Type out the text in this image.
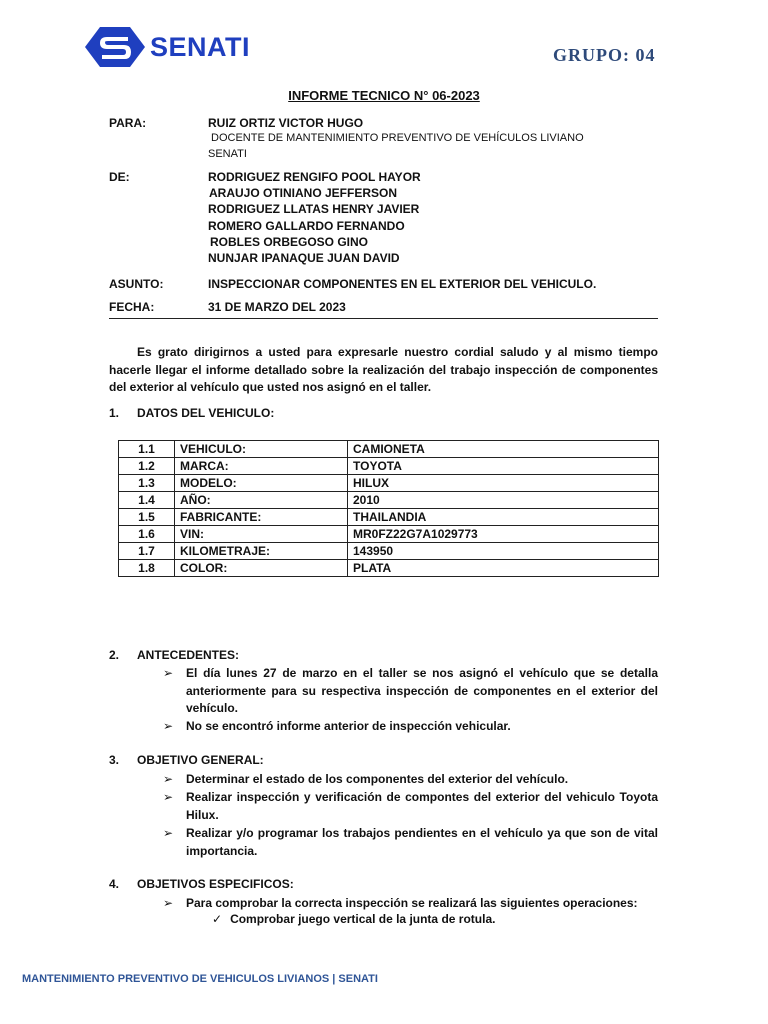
SENATI	GRUPO: 04
INFORME TECNICO N° 06-2023
PARA:	RUIZ ORTIZ VICTOR HUGO
DOCENTE DE MANTENIMIENTO PREVENTIVO DE VEHÍCULOS LIVIANO
SENATI
DE:	RODRIGUEZ RENGIFO POOL HAYOR
ARAUJO OTINIANO JEFFERSON
RODRIGUEZ LLATAS HENRY JAVIER
ROMERO GALLARDO FERNANDO
ROBLES ORBEGOSO GINO
NUNJAR IPANAQUE JUAN DAVID
ASUNTO:	INSPECCIONAR COMPONENTES EN EL EXTERIOR DEL VEHICULO.
FECHA:	31 DE MARZO DEL 2023
Es grato dirigirnos a usted para expresarle nuestro cordial saludo y al mismo tiempo hacerle llegar el informe detallado sobre la realización del trabajo inspección de componentes del exterior al vehículo que usted nos asignó en el taller.
1. DATOS DEL VEHICULO:
1.1	VEHICULO:	CAMIONETA
1.2	MARCA:	TOYOTA
1.3	MODELO:	HILUX
1.4	AÑO:	2010
1.5	FABRICANTE:	THAILANDIA
1.6	VIN:	MR0FZ22G7A1029773
1.7	KILOMETRAJE:	143950
1.8	COLOR:	PLATA
2. ANTECEDENTES:
➢ El día lunes 27 de marzo en el taller se nos asignó el vehículo que se detalla anteriormente para su respectiva inspección de componentes en el exterior del vehículo.
➢ No se encontró informe anterior de inspección vehicular.
3. OBJETIVO GENERAL:
➢ Determinar el estado de los componentes del exterior del vehículo.
➢ Realizar inspección y verificación de compontes del exterior del vehiculo Toyota Hilux.
➢ Realizar y/o programar los trabajos pendientes en el vehículo ya que son de vital importancia.
4. OBJETIVOS ESPECIFICOS:
➢ Para comprobar la correcta inspección se realizará las siguientes operaciones:
✓ Comprobar juego vertical de la junta de rotula.
MANTENIMIENTO PREVENTIVO DE VEHICULOS LIVIANOS | SENATI
